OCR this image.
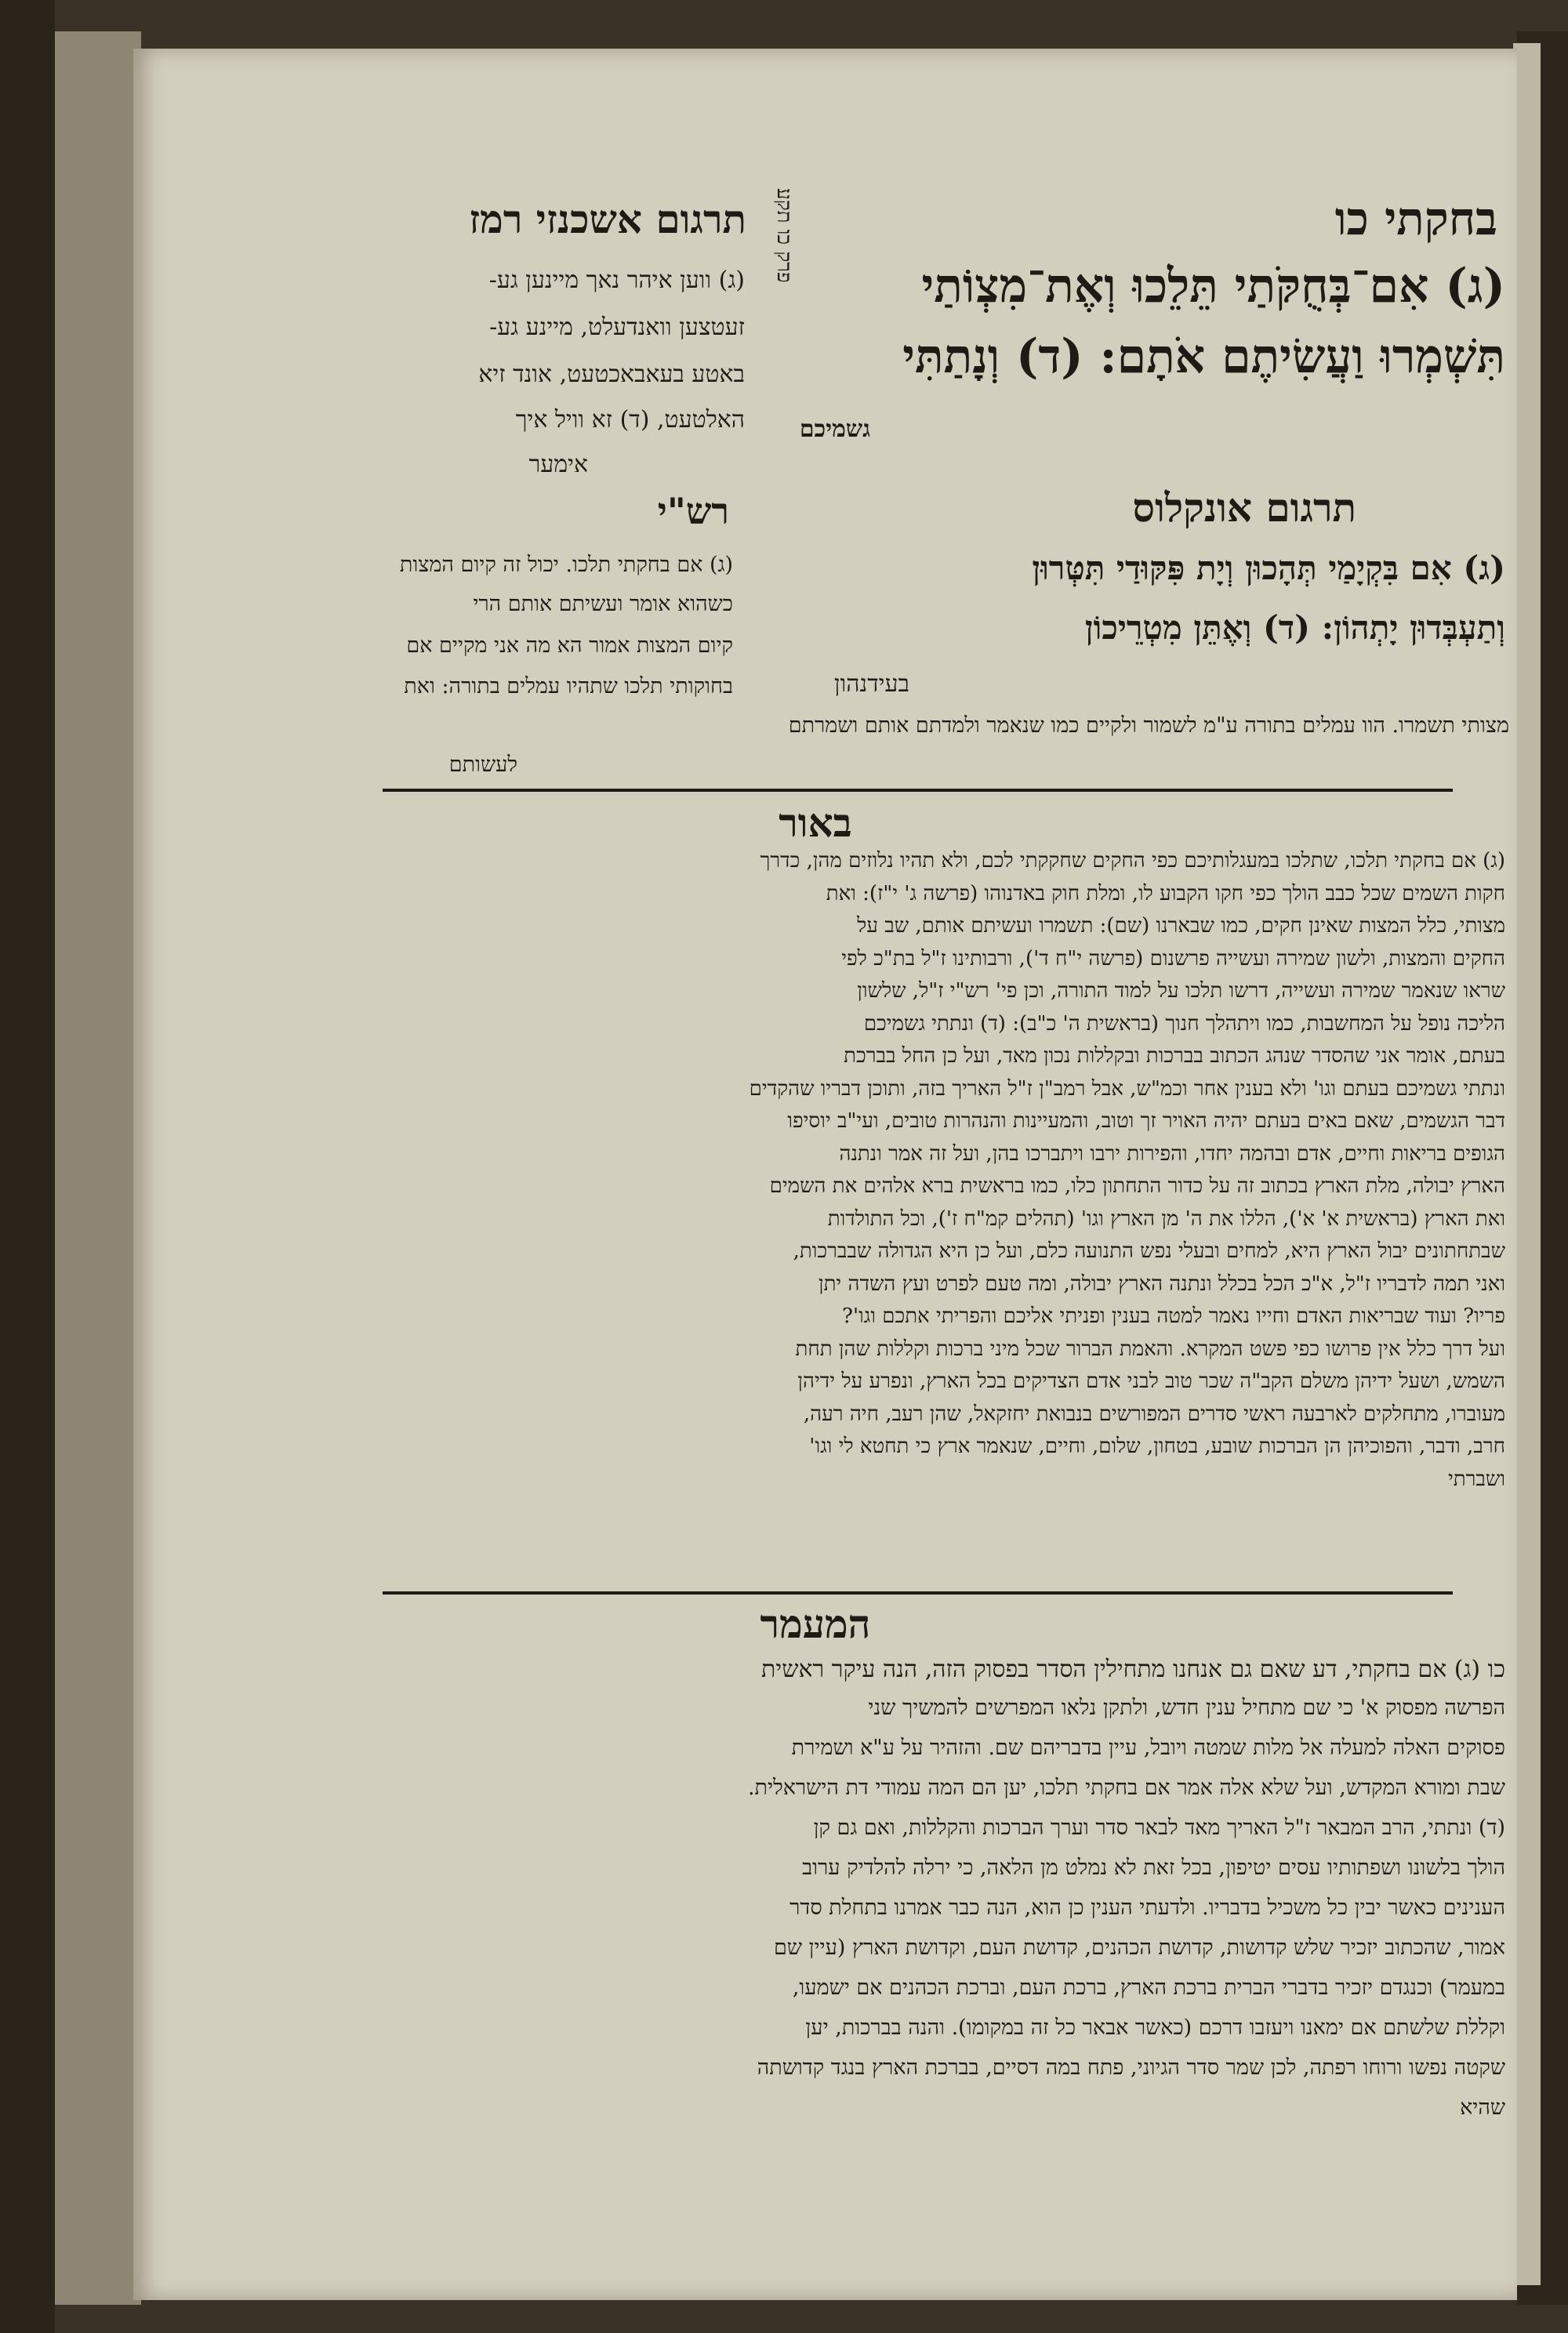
בחקתי כו
תרגום אשכנזי רמז פרק כו תקע
(ג) אִם־בְּחֻקֹּתַי תֵּלֵכוּ וְאֶת־מִצְוֹתַי
תִּשְׁמְרוּ וַעֲשִׂיתֶם אֹתָם: (ד) וְנָתַתִּי
גשמיכם
(ג) ווען איהר נאך מיינען גע-
זעטצען וואנדעלט, מיינע גע-
באטע בעאבאכטעט, אונד זיא
האלטעט, (ד) זא וויל איך
אימער
תרגום אונקלוס
(ג) אִם בִּקְיָמַי תְּהָכוּן וְיָת פִּקּוּדַי תִּטְּרוּן
וְתַעְבְּדוּן יָתְהוֹן: (ד) וְאֶתֵּן מִטְרֵיכוֹן
בעידנהון
רש"י
(ג) אם בחקתי תלכו. יכול זה קיום המצות
כשהוא אומר ועשיתם אותם הרי
קיום המצות אמור הא מה אני מקיים אם
בחוקותי תלכו שתהיו עמלים בתורה: ואת
מצותי תשמרו. הוו עמלים בתורה ע"מ לשמור ולקיים כמו שנאמר ולמדתם אותם ושמרתם
לעשותם
באור
(ג) אם בחקתי תלכו, שתלכו במעגלותיכם כפי החקים שחקקתי לכם, ולא תהיו נלוזים מהן, כדרך
חקות השמים שכל כבב הולך כפי חקו הקבוע לו, ומלת חוק באדנוהו (פרשה ג' י"ז): ואת
מצותי, כלל המצות שאינן חקים, כמו שבארנו (שם): תשמרו ועשיתם אותם, שב על
החקים והמצות, ולשון שמירה ועשייה פרשנום (פרשה י"ח ד'), ורבותינו ז"ל בת"כ לפי
שראו שנאמר שמירה ועשייה, דרשו תלכו על למוד התורה, וכן פי' רש"י ז"ל, שלשון
הליכה נופל על המחשבות, כמו ויתהלך חנוך (בראשית ה' כ"ב): (ד) ונתתי גשמיכם
בעתם, אומר אני שהסדר שנהג הכתוב בברכות ובקללות נכון מאד, ועל כן החל בברכת
ונתתי גשמיכם בעתם וגו' ולא בענין אחר וכמ"ש, אבל רמב"ן ז"ל האריך בזה, ותוכן דבריו שהקדים
דבר הגשמים, שאם באים בעתם יהיה האויר זך וטוב, והמעיינות והנהרות טובים, ועי"ב יוסיפו
הגופים בריאות וחיים, אדם ובהמה יחדו, והפירות ירבו ויתברכו בהן, ועל זה אמר ונתנה
הארץ יבולה, מלת הארץ בכתוב זה על כדור התחתון כלו, כמו בראשית ברא אלהים את השמים
ואת הארץ (בראשית א' א'), הללו את ה' מן הארץ וגו' (תהלים קמ"ח ז'), וכל התולדות
שבתחתונים יבול הארץ היא, למחים ובעלי נפש התנועה כלם, ועל כן היא הגדולה שבברכות,
ואני תמה לדבריו ז"ל, א"כ הכל בכלל ונתנה הארץ יבולה, ומה טעם לפרט ועץ השדה יתן
פריו? ועוד שבריאות האדם וחייו נאמר למטה בענין ופניתי אליכם והפריתי אתכם וגו'?
ועל דרך כלל אין פרושו כפי פשט המקרא. והאמת הברור שכל מיני ברכות וקללות שהן תחת
השמש, ושעל ידיהן משלם הקב"ה שכר טוב לבני אדם הצדיקים בכל הארץ, ונפרע על ידיהן
מעוברו, מתחלקים לארבעה ראשי סדרים המפורשים בנבואת יחזקאל, שהן רעב, חיה רעה,
חרב, ודבר, והפוכיהן הן הברכות שובע, בטחון, שלום, וחיים, שנאמר ארץ כי תחטא לי וגו'
ושברתי
המעמר
כו (ג) אם בחקתי, דע שאם גם אנחנו מתחילין הסדר בפסוק הזה, הנה עיקר ראשית
הפרשה מפסוק א' כי שם מתחיל ענין חדש, ולתקן נלאו המפרשים להמשיך שני
פסוקים האלה למעלה אל מלות שמטה ויובל, עיין בדבריהם שם. והזהיר על ע"א ושמירת
שבת ומורא המקדש, ועל שלא אלה אמר אם בחקתי תלכו, יען הם המה עמודי דת הישראלית.
(ד) ונתתי, הרב המבאר ז"ל האריך מאד לבאר סדר וערך הברכות והקללות, ואם גם קן
הולך בלשונו ושפתותיו עסים יטיפון, בכל זאת לא נמלט מן הלאה, כי ירלה להלדיק ערוב
הענינים כאשר יבין כל משכיל בדבריו. ולדעתי הענין כן הוא, הנה כבר אמרנו בתחלת סדר
אמור, שהכתוב יזכיר שלש קדושות, קדושת הכהנים, קדושת העם, וקדושת הארץ (עיין שם
במעמר) וכנגדם יזכיר בדברי הברית ברכת הארץ, ברכת העם, וברכת הכהנים אם ישמעו,
וקללת שלשתם אם ימאנו ויעזבו דרכם (כאשר אבאר כל זה במקומו). והנה בברכות, יען
שקטה נפשו ורוחו רפתה, לכן שמר סדר הגיוני, פתח במה דסיים, בברכת הארץ בנגד קדושתה
שהיא
